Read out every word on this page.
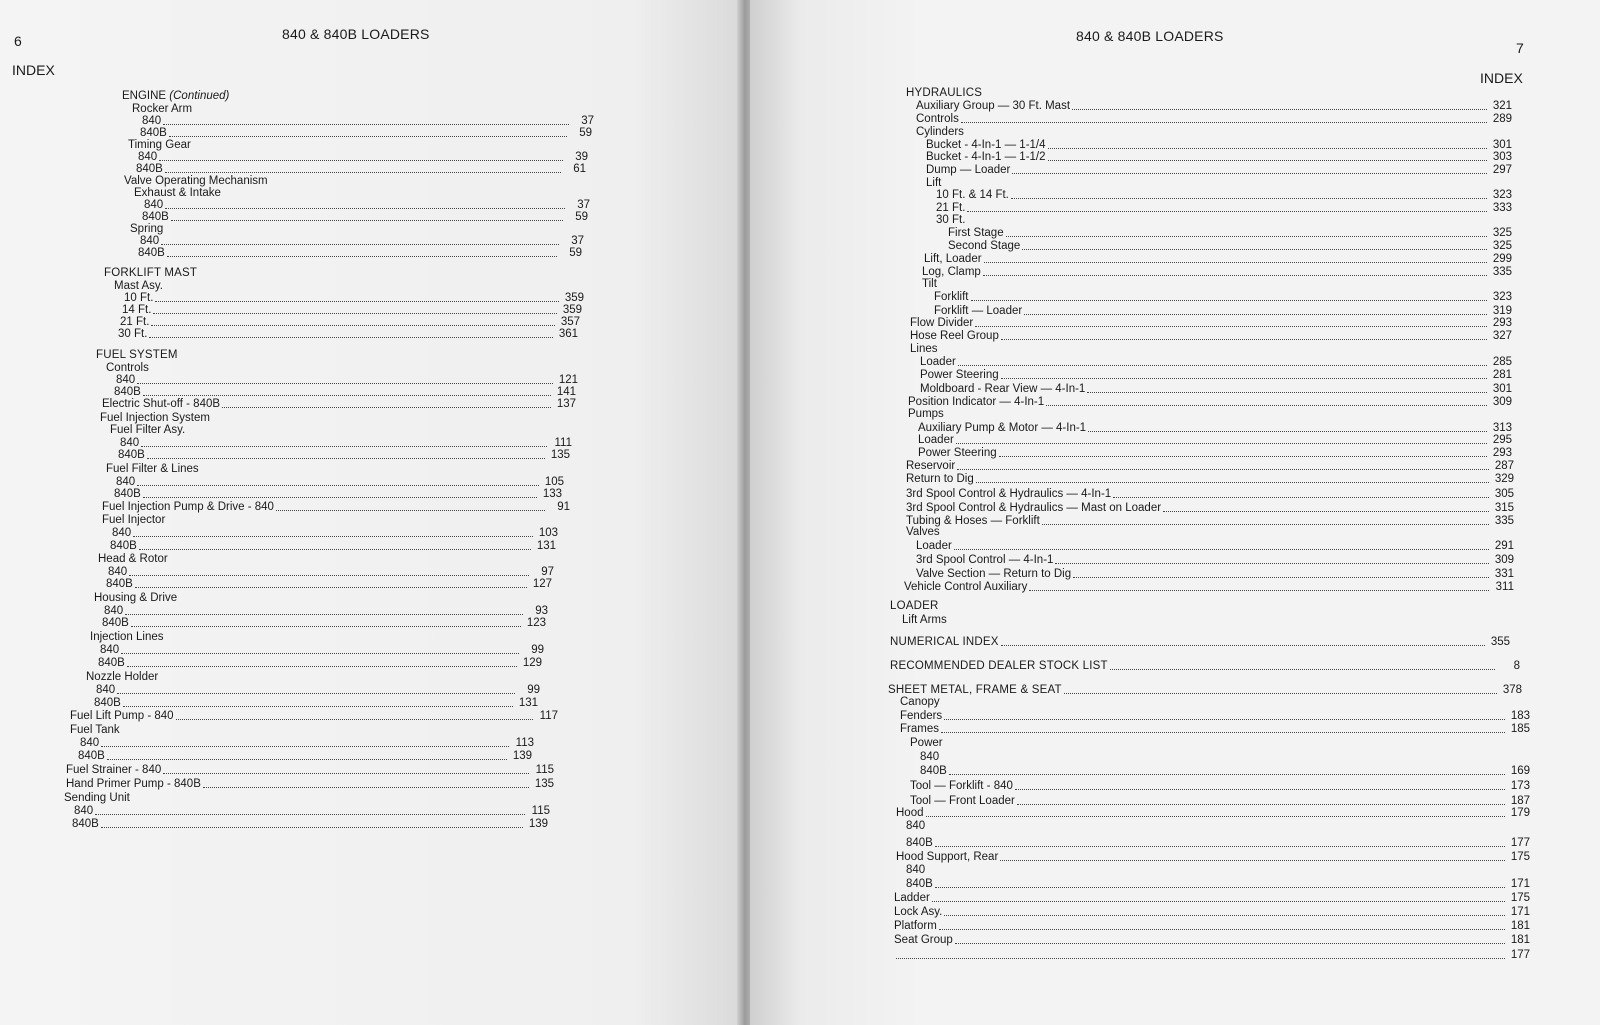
6	840 & 840B LOADERS
INDEX
ENGINE (Continued)
Rocker Arm
840	37
840B	59
Timing Gear
840	39
840B	61
Valve Operating Mechanism
Exhaust & Intake
840	37
840B	59
Spring
840	37
840B	59
FORKLIFT MAST
Mast Asy.
10 Ft.	359
14 Ft.	359
21 Ft.	357
30 Ft.	361
FUEL SYSTEM
Controls
840	121
840B	141
Electric Shut-off - 840B	137
Fuel Injection System
Fuel Filter Asy.
840	111
840B	135
Fuel Filter & Lines
840	105
840B	133
Fuel Injection Pump & Drive - 840	91
Fuel Injector
840	103
840B	131
Head & Rotor
840	97
840B	127
Housing & Drive
840	93
840B	123
Injection Lines
840	99
840B	129
Nozzle Holder
840	99
840B	131
Fuel Lift Pump - 840	117
Fuel Tank
840	113
840B	139
Fuel Strainer - 840	115
Hand Primer Pump - 840B	135
Sending Unit
840	115
840B	139
7
840 & 840B LOADERS
INDEX
HYDRAULICS
Auxiliary Group — 30 Ft. Mast	321
Controls	289
Cylinders
Bucket - 4-In-1 — 1-1/4	301
Bucket - 4-In-1 — 1-1/2	303
Dump — Loader	297
Lift
10 Ft. & 14 Ft.	323
21 Ft.	333
30 Ft.
First Stage	325
Second Stage	325
Lift, Loader	299
Log, Clamp	335
Tilt
Forklift	323
Forklift — Loader	319
Flow Divider	293
Hose Reel Group	327
Lines
Loader	285
Power Steering	281
Moldboard - Rear View — 4-In-1	301
Position Indicator — 4-In-1	309
Pumps
Auxiliary Pump & Motor — 4-In-1	313
Loader	295
Power Steering	293
Reservoir	287
Return to Dig	329
3rd Spool Control & Hydraulics — 4-In-1	305
3rd Spool Control & Hydraulics — Mast on Loader	315
Tubing & Hoses — Forklift	335
Valves
Loader	291
3rd Spool Control — 4-In-1	309
Valve Section — Return to Dig	331
Vehicle Control Auxiliary	311
LOADER
Lift Arms
NUMERICAL INDEX	355
RECOMMENDED DEALER STOCK LIST	8
SHEET METAL, FRAME & SEAT	378
Canopy
Fenders	183
Frames	185
Power
840
840B	169
Tool — Forklift - 840	173
Tool — Front Loader	187
Hood	179
840
840B	177
Hood Support, Rear	175
840
840B	171
Ladder	175
Lock Asy.	171
Platform	181
Seat Group	181
177
